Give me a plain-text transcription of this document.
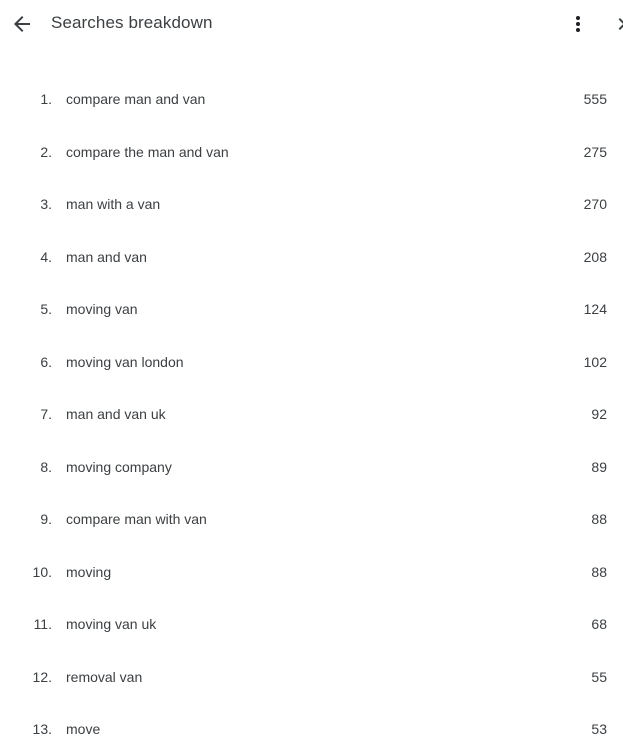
Searches breakdown
1. compare man and van	555
2. compare the man and van	275
3. man with a van	270
4. man and van	208
5. moving van	124
6. moving van london	102
7. man and van uk	92
8. moving company	89
9. compare man with van	88
10. moving	88
11. moving van uk	68
12. removal van	55
13. move	53
